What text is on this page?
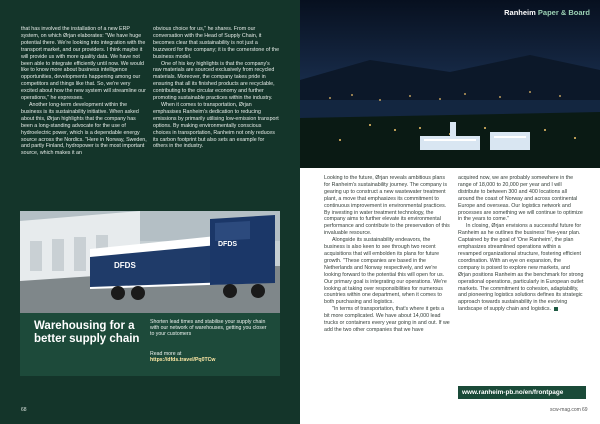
that has involved the installation of a new ERP system, on which Ørjan elaborates: "We have huge potential there. We're looking into integration with the transport market, and our providers. I think maybe it will provide us with more quality data. We have not been able to integrate efficiently until now. We would like to know more about business intelligence opportunities, developments happening among our competitors and things like that. So, we're very excited about how the new system will streamline our operations," he expresses.

Another long-term development within the business is its sustainability initiative. When asked about this, Ørjan highlights that the company has been a long-standing advocate for the use of hydroelectric power, which is a dependable energy source across the Nordics. "Here in Norway, Sweden, and partly Finland, hydropower is the most important source, which makes it an

obvious choice for us," he shares. From our conversation with the Head of Supply Chain, it becomes clear that sustainability is not just a buzzword for the company; it is the cornerstone of the business model.

One of his key highlights is that the company's raw materials are sourced exclusively from recycled materials. Moreover, the company takes pride in ensuring that all its finished products are recyclable, contributing to the circular economy and further promoting sustainable practices within the industry.

When it comes to transportation, Ørjan emphasises Ranheim's dedication to reducing emissions by primarily utilising low-emission transport options. By making environmentally conscious choices in transportation, Ranheim not only reduces its carbon footprint but also sets an example for others in the industry.

DFDS
DFDS

Warehousing for a better supply chain

Shorten lead times and stabilise your supply chain with our network of warehouses, getting you closer to your customers

Read more at
https://dfds.travel/Pq0TCw
68
Ranheim Paper & Board

Looking to the future, Ørjan reveals ambitious plans for Ranheim's sustainability journey. The company is gearing up to construct a new wastewater treatment plant, a move that emphasizes its commitment to continuous improvement in environmental practices. By investing in water treatment technology, the company aims to further elevate its environmental performance and contribute to the preservation of this invaluable resource.

Alongside its sustainability endeavors, the business is also keen to see through two recent acquisitions that will embolden its plans for future growth. "These companies are based in the Netherlands and Norway respectively, and we're looking forward to the potential this will open for us. Our primary goal is integrating our operations. We're looking at taking over responsibilities for numerous countries within one department, when it comes to both purchasing and logistics.

"In terms of transportation, that's where it gets a bit more complicated. We have about 14,000 lead trucks or containers every year going in and out. If we add the two other companies that we have

acquired now, we are probably somewhere in the range of 18,000 to 20,000 per year and I will distribute to between 300 and 400 locations all around the coast of Norway and across continental Europe and overseas. Our logistics network and processes are something we will continue to optimize in the years to come."

In closing, Ørjan envisions a successful future for Ranheim as he outlines the business' five-year plan. Captained by the goal of 'One Ranheim', the plan emphasizes streamlined operations within a revamped organizational structure, fostering efficient coordination. With an eye on expansion, the company is poised to explore new markets, and Ørjan positions Ranheim as the benchmark for strong operational operations, particularly in European outlet markets. The commitment to cohesion, adaptability, and pioneering logistics solutions defines its strategic approach towards sustainability in the evolving landscape of supply chain and logistics.

www.ranheim-pb.no/en/frontpage
scw-mag.com 69
